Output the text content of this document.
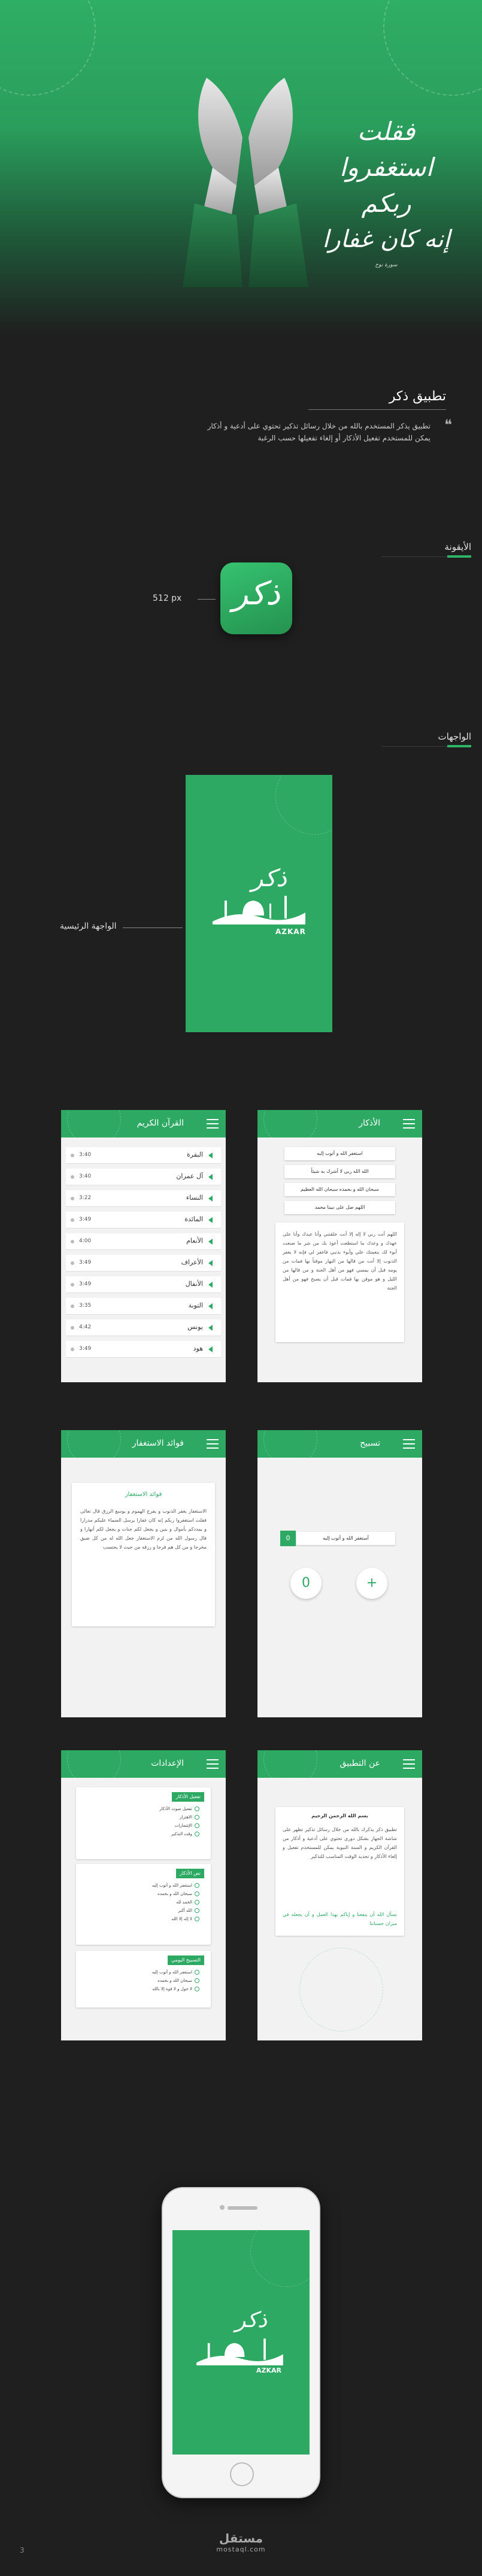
فقلت استغفروا ربكم
إنه كان غفارا
سورة نوح
تطبيق ذكر
❝
تطبيق يذكر المستخدم بالله من خلال رسائل تذكير تحتوي على أدعية و أذكار يمكن للمستخدم تفعيل الأذكار أو إلغاء تفعيلها حسب الرغبة
الأيقونة
ذكر
512 px
الواجهات
ذكر
AZKAR
الواجهة الرئيسية
القرآن الكريم
البقرة
3:40
آل عمران
3:40
النساء
3:22
المائدة
3:49
الأنعام
4:00
الأعراف
3:49
الأنفال
3:49
التوبة
3:35
يونس
4:42
هود
3:49
الأذكار
استغفر الله و أتوب إليه
الله الله ربي لا أشرك به شيئاً
سبحان الله و بحمده سبحان الله العظيم
اللهم صل على نبينا محمد
اللهم أنت ربي لا إله إلا أنت خلقتني وأنا عبدك وأنا على عهدك و وعدك ما استطعت أعوذ بك من شر ما صنعت أبوء لك بنعمتك علي وأبوء بذنبي فاغفر لي فإنه لا يغفر الذنوب إلا أنت من قالها من النهار موقناً بها فمات من يومه قبل أن يمسي فهو من أهل الجنة و من قالها من الليل و هو موقن بها فمات قبل أن يصبح فهو من أهل الجنة
فوائد الاستغفار
فوائد الاستغفار
الاستغفار يغفر الذنوب و يفرج الهموم و يوسع الرزق قال تعالى فقلت استغفروا ربكم إنه كان غفارا يرسل السماء عليكم مدرارا و يمددكم بأموال و بنين و يجعل لكم جنات و يجعل لكم أنهارا و قال رسول الله من لزم الاستغفار جعل الله له من كل ضيق مخرجا و من كل هم فرجا و رزقه من حيث لا يحتسب
تسبيح
أستغفر الله و أتوب إليه
0
0	+
الإعدادات
تفعيل الأذكار
تفعيل صوت الأذكار
الاهتزاز
الإشعارات
وقت التذكير
نص الأذكار
استغفر الله و أتوب إليه
سبحان الله و بحمده
الحمد لله
الله أكبر
لا إله إلا الله
التسبيح اليومي
استغفر الله و أتوب إليه
سبحان الله و بحمده
لا حول و لا قوة إلا بالله
عن التطبيق
بسم الله الرحمن الرحيم
تطبيق ذكر يذكرك بالله من خلال رسائل تذكير تظهر على شاشة الجهاز بشكل دوري تحتوي على أدعية و أذكار من القرآن الكريم و السنة النبوية يمكن للمستخدم تفعيل و إلغاء الأذكار و تحديد الوقت المناسب للتذكير
نسأل الله أن ينفعنا و إياكم بهذا العمل و أن يجعله في ميزان حسناتنا
ذكر
AZKAR
مستقل
mostaql.com
3
